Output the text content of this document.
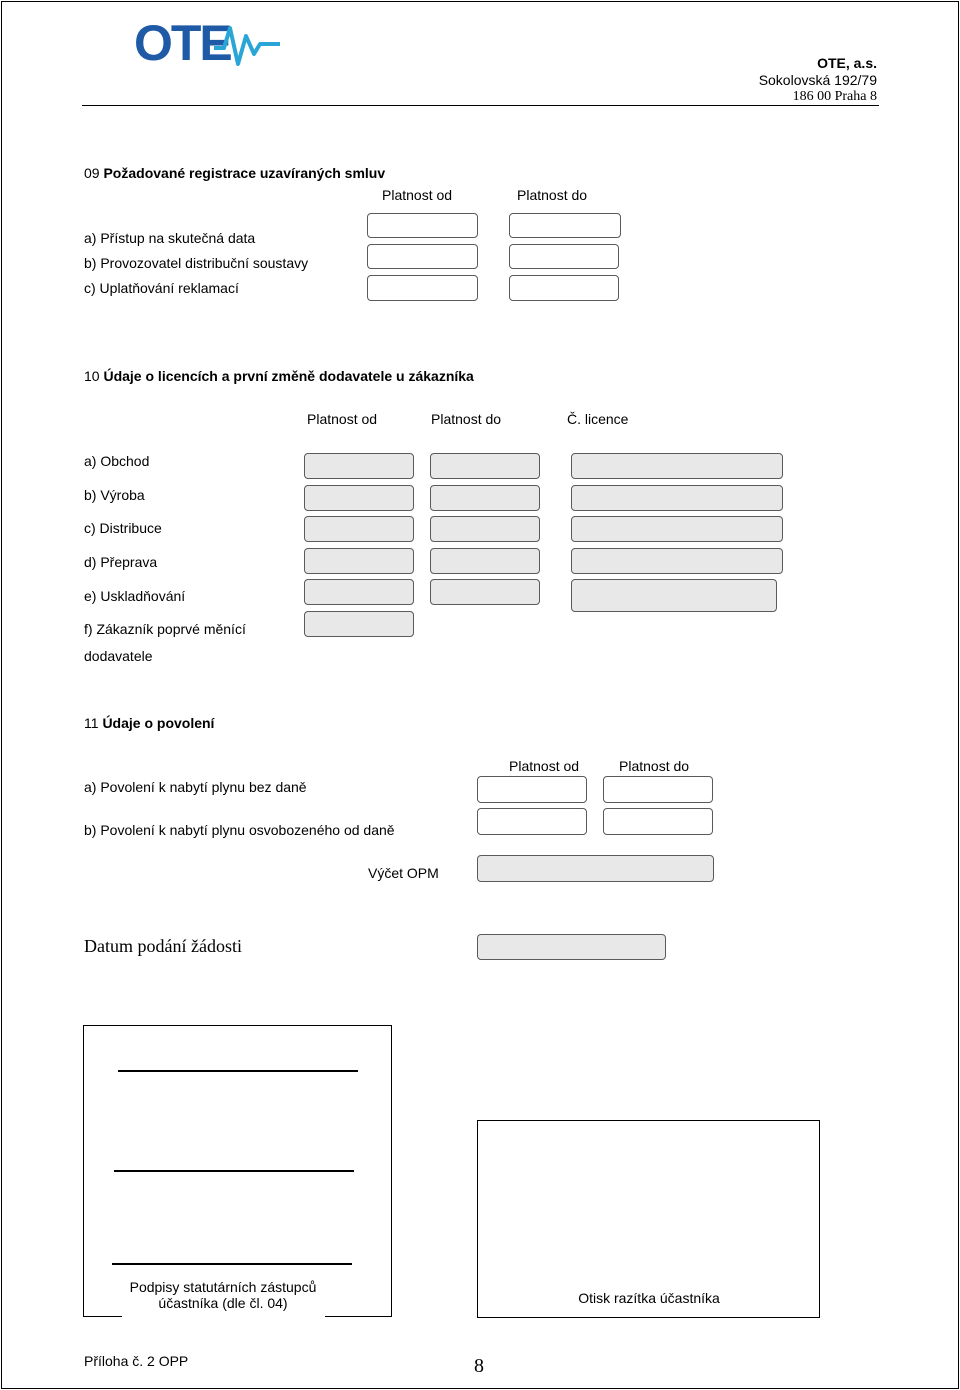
OTE	OTE, a.s.
Sokolovská 192/79
186 00 Praha 8
09 Požadované registrace uzavíraných smluv
Platnost od	Platnost do
a) Přístup na skutečná data
b) Provozovatel distribuční soustavy
c) Uplatňování reklamací
10 Údaje o licencích a první změně dodavatele u zákazníka
Platnost od	Platnost do	Č. licence
a) Obchod
b) Výroba
c) Distribuce
d) Přeprava
e) Uskladňování
f) Zákazník poprvé měnící
dodavatele
11 Údaje o povolení
Platnost od	Platnost do
a) Povolení k nabytí plynu bez daně
b) Povolení k nabytí plynu osvobozeného od daně
Výčet OPM
Datum podání žádosti
Podpisy statutárních zástupců
účastníka (dle čl. 04)	Otisk razítka účastníka
Příloha č. 2 OPP	8
